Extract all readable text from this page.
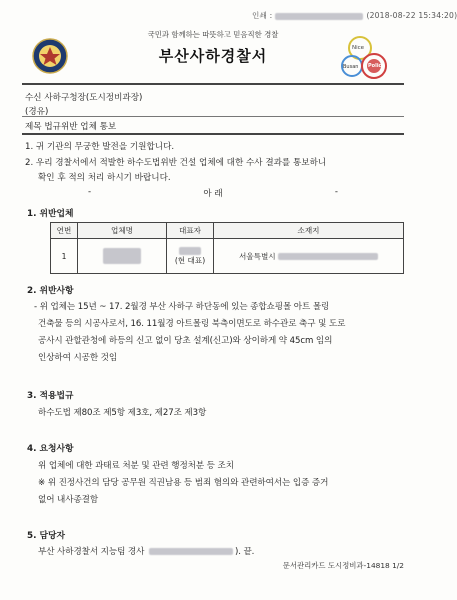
인쇄 :	(2018-08-22 15:34:20)
국민과 함께하는 따뜻하고 믿음직한 경찰
부산사하경찰서	Nice
Busan Police
수신 사하구청장(도시정비과장)
(경유)
제목 법규위반 업체 통보
1. 귀 기관의 무궁한 발전을 기원합니다.
2. 우리 경찰서에서 적발한 하수도법위반 건설 업체에 대한 수사 결과를 통보하니
확인 후 적의 처리 하시기 바랍니다.
-	아 래	-
1. 위반업체
연번	업체명	대표자	소재지
1		(현 대표)	서울특별시
2. 위반사항
- 위 업체는 15년 ~ 17. 2월경 부산 사하구 하단동에 있는 종합쇼핑몰 아트 몰링
건축물 등의 시공사로서, 16. 11월경 아트몰링 북측이면도로 하수관로 축구 및 도로
공사시 관할관청에 하등의 신고 없이 당초 설계(신고)와 상이하게 약 45cm 임의
인상하여 시공한 것임
3. 적용법규
하수도법 제80조 제5항 제3호, 제27조 제3항
4. 요청사항
위 업체에 대한 과태료 처분 및 관련 행정처분 등 조치
※ 위 진정사건의 담당 공무원 직권남용 등 범죄 혐의와 관련하여서는 입증 증거
없어 내사종결함
5. 담당자
부산 사하경찰서 지능팀 경사	). 끝.
문서관리카드 도시정비과-14818 1/2
